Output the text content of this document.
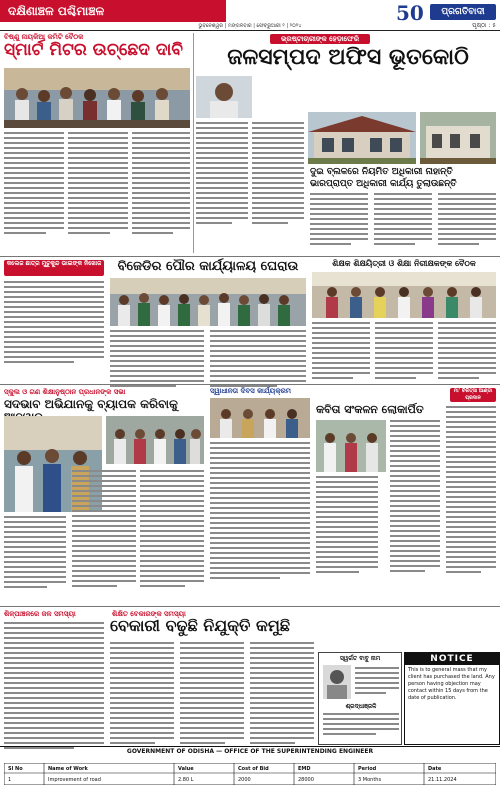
ଦକ୍ଷିଣାଞ୍ଚଳ ପଶ୍ଚିମାଞ୍ଚଳ
ଭୁବନେଶ୍ୱର | ମଙ୍ଗଳବାର | ଫେବ୍ରୁଆରୀ ୨ | ୨୦୨୪
50	ପ୍ରଗତିବାଦୀ
ପୃଷ୍ଠା : ୫
ବିଷ୍ଣୁ ନାୟକିଆ କମିଟି ବୈଠକ
ସ୍ମାର୍ଟ ମିଟର ଉଚ୍ଛେଦ ଦାବି
ଭ୍ରଷ୍ଟାଚାରୀଙ୍କ ହେଡ଼ାଫେରି
ଜଳସମ୍ପଦ ଅଫିସ ଭୂତକୋଠି
ଦୁଇ ବ୍ଲକରେ ନିୟମିତ ଅଧିକାରୀ ନାହାନ୍ତି
ଭାରପ୍ରାପ୍ତ ଅଧିକାରୀ କାର୍ଯ୍ୟ ତୁଲାଉଛନ୍ତି
କଲେଜ ଛାତ୍ର ମୁଚୁକୁନ୍ଦ ଭାଇଙ୍କ ନିଖୋଜ	ବିଜେଡିର ପୌର କାର୍ଯ୍ୟାଳୟ ଘେରାଉ	ଶିକ୍ଷକ ଶିକ୍ଷୟିତ୍ରୀ ଓ ଶିକ୍ଷା ନିରୀକ୍ଷକଙ୍କ ବୈଠକ
ସ୍କୁଲ ଓ ଗଣ ଶିକ୍ଷାନୁଷ୍ଠାନ ପ୍ରଧାନଙ୍କ ସଭା
ସଦଭାବ ଅଭିଯାନକୁ ବ୍ୟାପକ କରିବାକୁ
ସ୍ୱାଧୀନତା ଦିବସ କାର୍ଯ୍ୟକ୍ରମ
କବିତା ସଂକଳନ ଲୋକାର୍ପିତ
ମା' ଚିକିତ୍ସା ଆଣ୍ଡା ପ୍ରଦାନ
ଶିଳ୍ପାଞ୍ଚଳରେ ଜଳ ସମସ୍ୟା	ଶିକ୍ଷିତ ବେକାରଙ୍କ ସମସ୍ୟା
ବେକାରୀ ବଢୁଛି ନିଯୁକ୍ତି କମୁଛି
ସ୍ୱର୍ଗତ ବାବୁ ନାମ
ଶ୍ରଦ୍ଧାଞ୍ଜଳି
NOTICE
This is to general mass that my client has purchased the land. Any person having objection may contact within 15 days from the date of publication.
GOVERNMENT OF ODISHA — OFFICE OF THE SUPERINTENDING ENGINEER
Sl No	Name of Work	Value	Cost of Bid	EMD	Period	Date
1	Improvement of road	2.80 L	2000	28000	3 Months	21.11.2024
